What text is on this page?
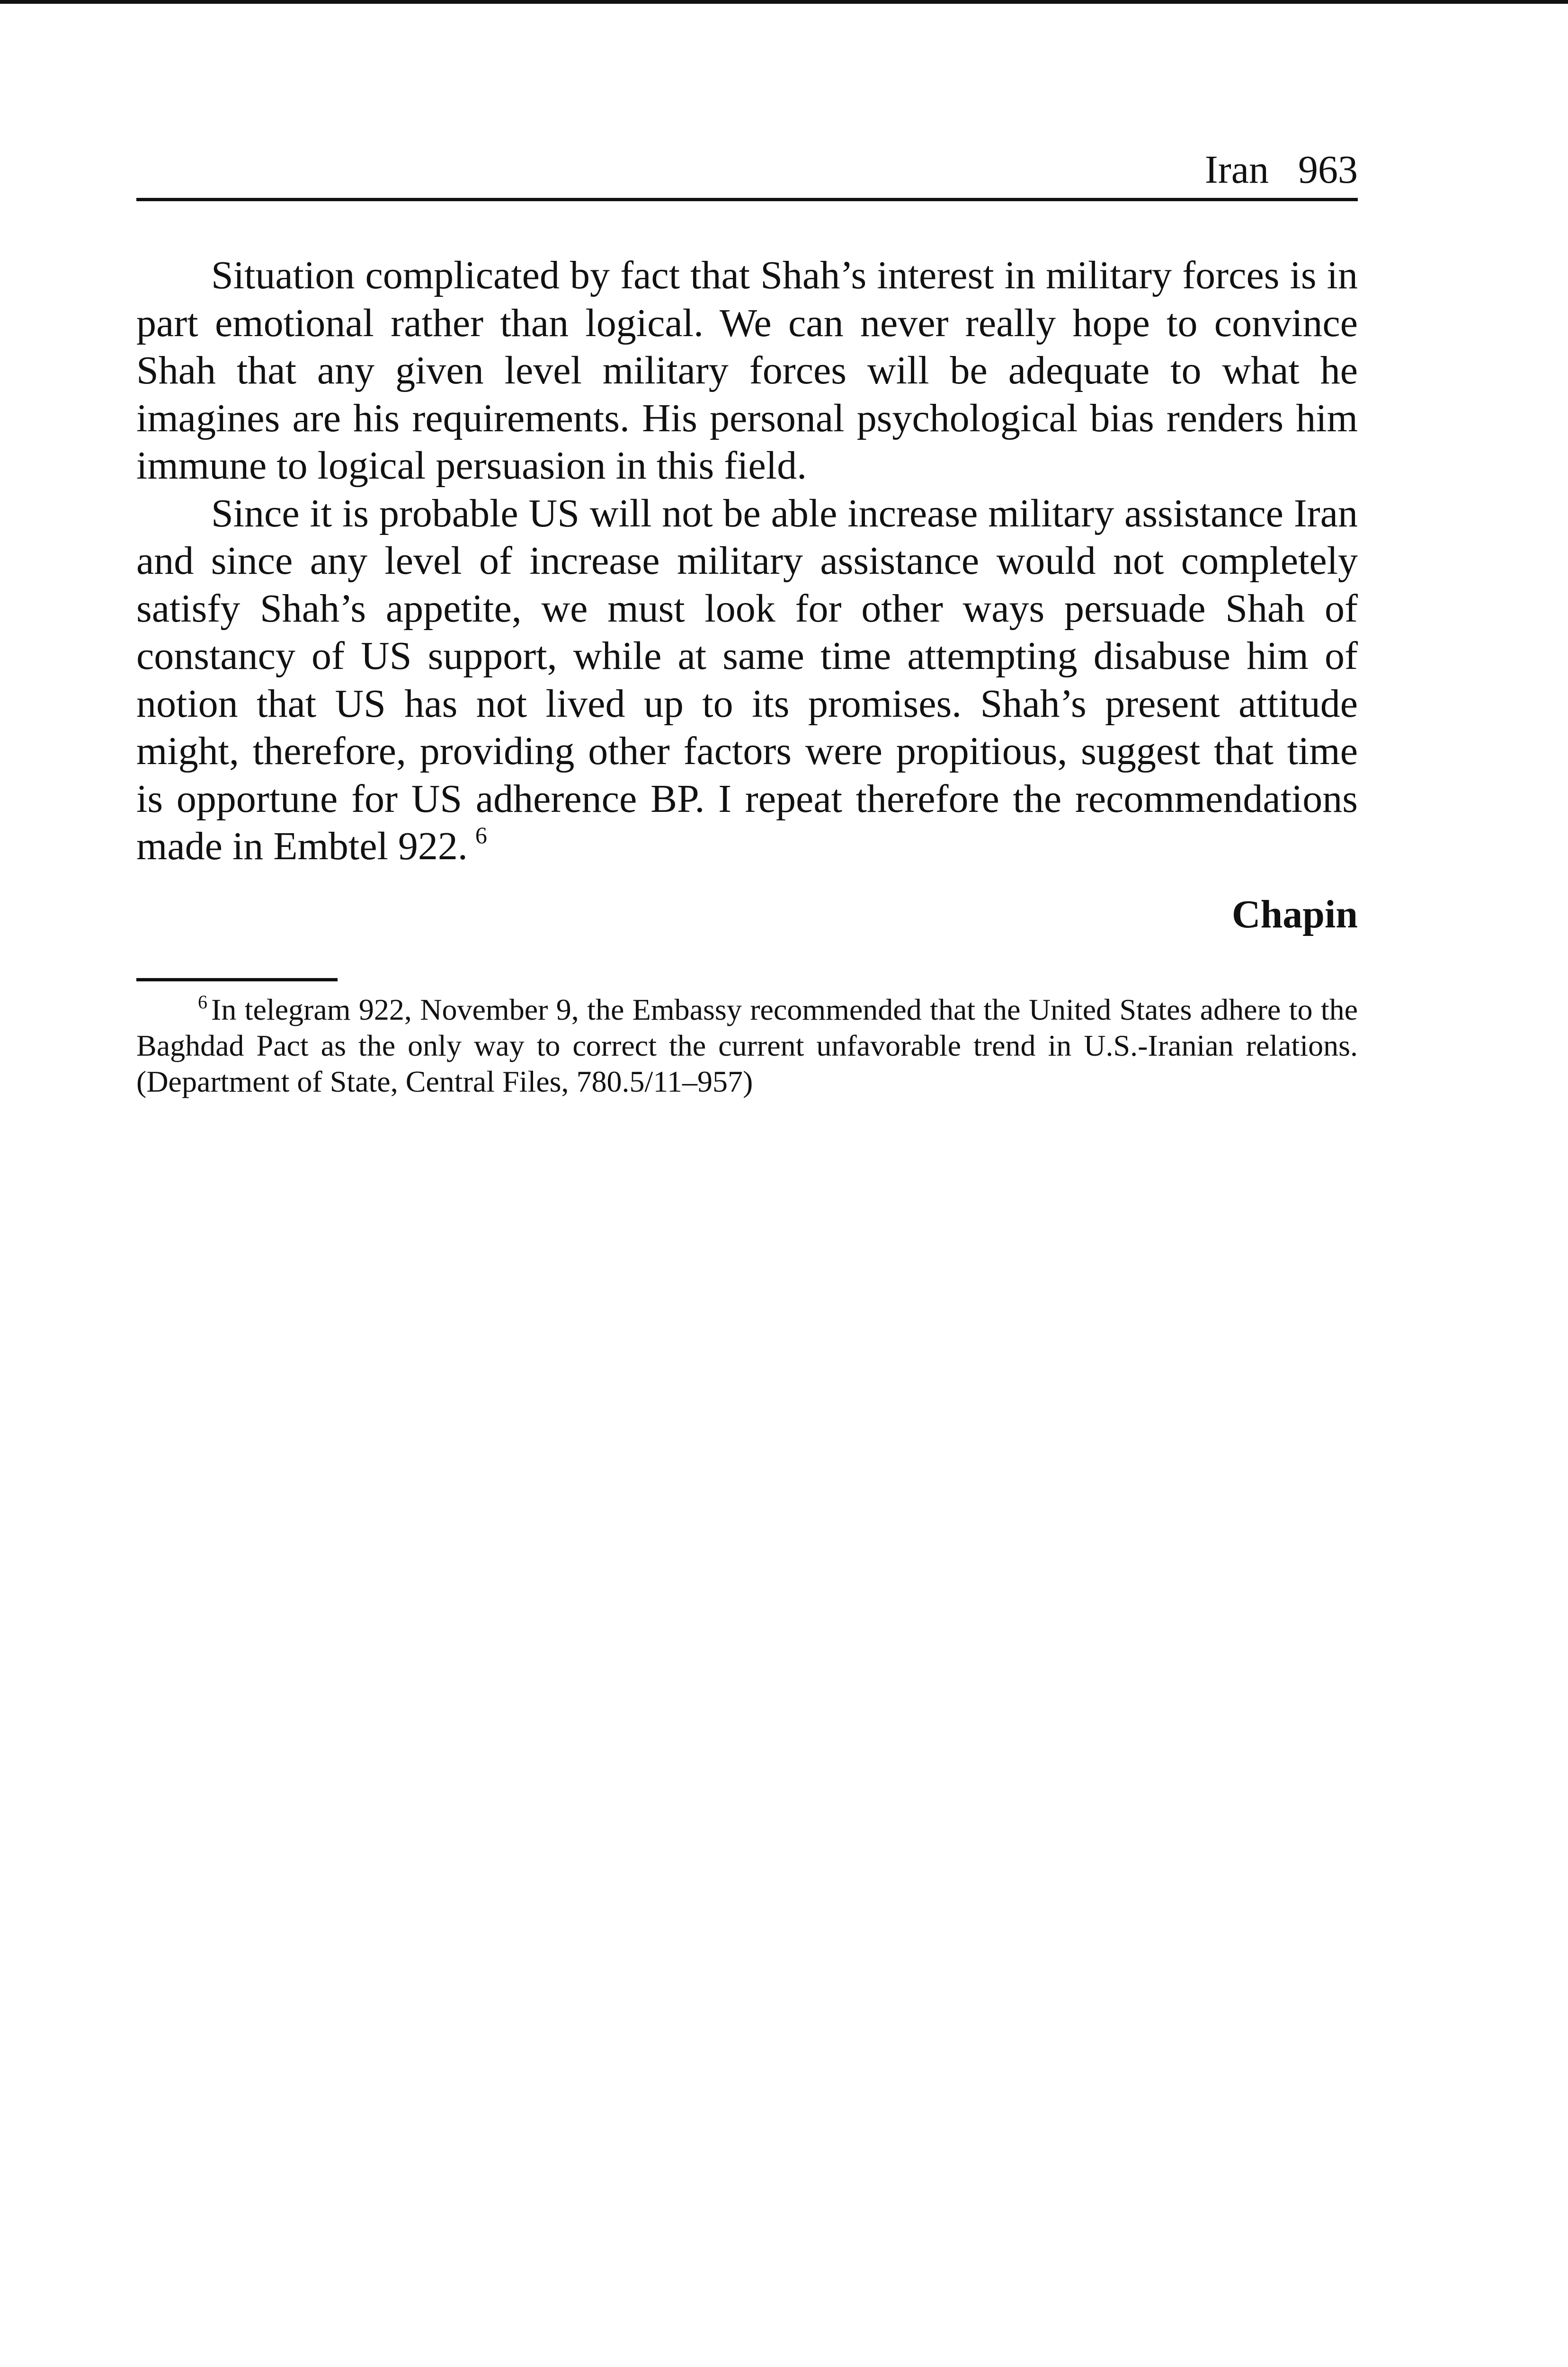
Iran 963

Situation complicated by fact that Shah’s interest in military forces is in part emotional rather than logical. We can never really hope to convince Shah that any given level military forces will be adequate to what he imagines are his requirements. His personal psychological bias renders him immune to logical persuasion in this field.

Since it is probable US will not be able increase military assistance Iran and since any level of increase military assistance would not completely satisfy Shah’s appetite, we must look for other ways persuade Shah of constancy of US support, while at same time attempting disabuse him of notion that US has not lived up to its promises. Shah’s present attitude might, therefore, providing other factors were propitious, suggest that time is opportune for US adherence BP. I repeat therefore the recommendations made in Embtel 922. $^6$

Chapin

$^6$ In telegram 922, November 9, the Embassy recommended that the United States adhere to the Baghdad Pact as the only way to correct the current unfavorable trend in U.S.-Iranian relations. (Department of State, Central Files, 780.5/11–957)
